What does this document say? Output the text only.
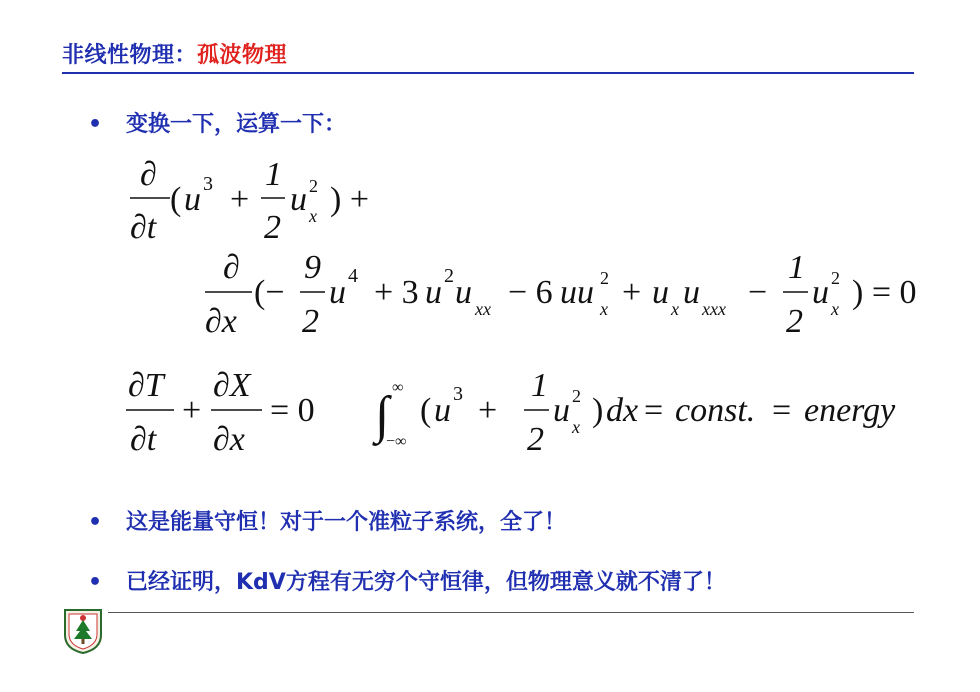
非线性物理：孤波物理
• 变换一下，运算一下：
∂
∂t
( u 3 +
1
2
u x
2 ) +
∂
∂x
(−
9
2
u 4 + 3 u 2 u xx − 6 uu x
2 + u x u xxx −
1
2
u x
2 ) = 0
∂T
∂t
+
∂X
∂x
= 0 ∫ ∞
−∞
( u 3 +
1
2
u x
2 ) dx = const. = energy
• 这是能量守恒！对于一个准粒子系统，全了！
• 已经证明，KdV方程有无穷个守恒律，但物理意义就不清了！
